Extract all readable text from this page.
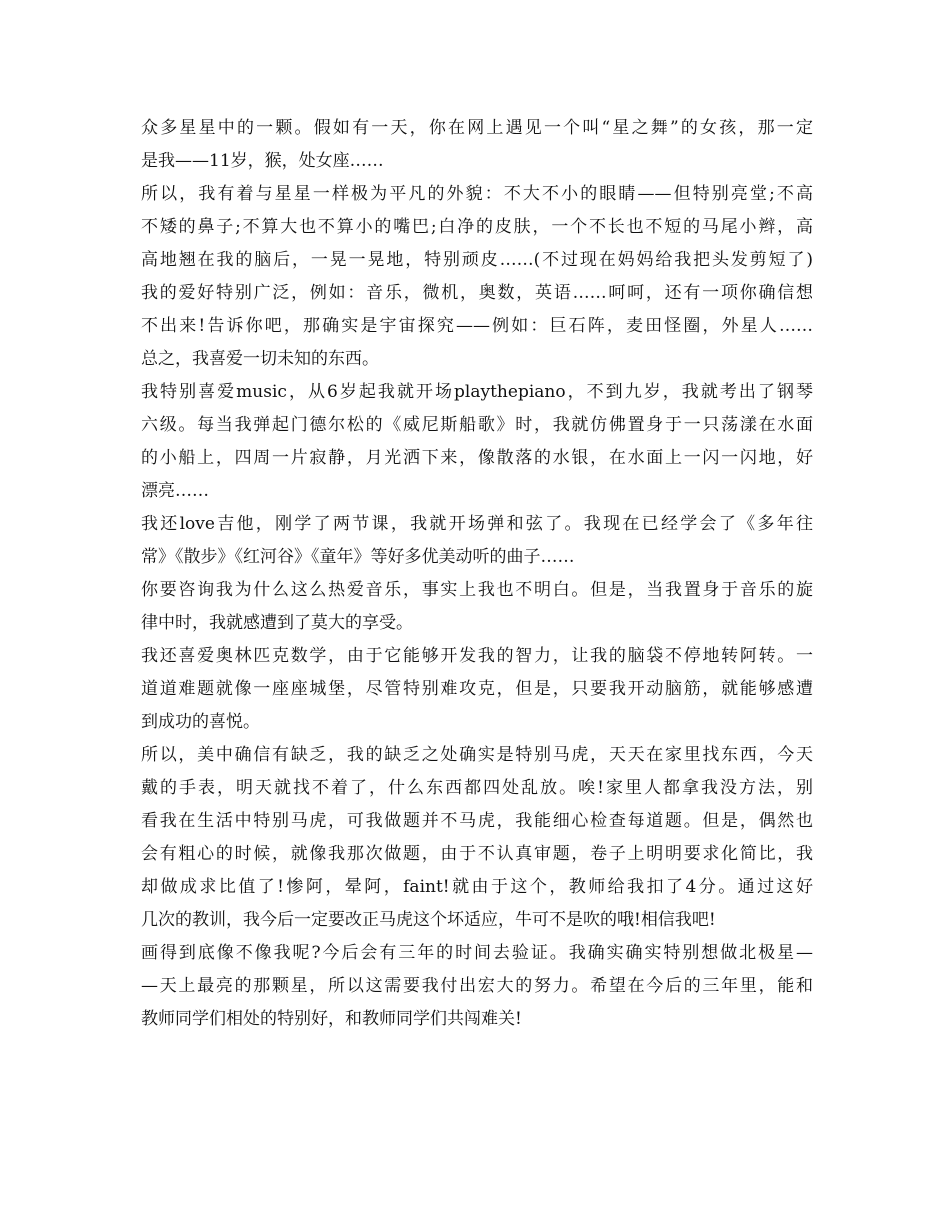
众多星星中的一颗。假如有一天，你在网上遇见一个叫“星之舞”的女孩，那一定
是我——11岁，猴，处女座……
所以，我有着与星星一样极为平凡的外貌：不大不小的眼睛——但特别亮堂;不高
不矮的鼻子;不算大也不算小的嘴巴;白净的皮肤，一个不长也不短的马尾小辫，高
高地翘在我的脑后，一晃一晃地，特别顽皮……(不过现在妈妈给我把头发剪短了)
我的爱好特别广泛，例如：音乐，微机，奥数，英语……呵呵，还有一项你确信想
不出来!告诉你吧，那确实是宇宙探究——例如：巨石阵，麦田怪圈，外星人……
总之，我喜爱一切未知的东西。
我特别喜爱music，从6岁起我就开场playthepiano，不到九岁，我就考出了钢琴
六级。每当我弹起门德尔松的《威尼斯船歌》时，我就仿佛置身于一只荡漾在水面
的小船上，四周一片寂静，月光洒下来，像散落的水银，在水面上一闪一闪地，好
漂亮……
我还love吉他，刚学了两节课，我就开场弹和弦了。我现在已经学会了《多年往
常》《散步》《红河谷》《童年》等好多优美动听的曲子……
你要咨询我为什么这么热爱音乐，事实上我也不明白。但是，当我置身于音乐的旋
律中时，我就感遭到了莫大的享受。
我还喜爱奥林匹克数学，由于它能够开发我的智力，让我的脑袋不停地转阿转。一
道道难题就像一座座城堡，尽管特别难攻克，但是，只要我开动脑筋，就能够感遭
到成功的喜悦。
所以，美中确信有缺乏，我的缺乏之处确实是特别马虎，天天在家里找东西，今天
戴的手表，明天就找不着了，什么东西都四处乱放。唉!家里人都拿我没方法，别
看我在生活中特别马虎，可我做题并不马虎，我能细心检查每道题。但是，偶然也
会有粗心的时候，就像我那次做题，由于不认真审题，卷子上明明要求化简比，我
却做成求比值了!惨阿，晕阿，faint!就由于这个，教师给我扣了4分。通过这好
几次的教训，我今后一定要改正马虎这个坏适应，牛可不是吹的哦!相信我吧!
画得到底像不像我呢?今后会有三年的时间去验证。我确实确实特别想做北极星—
—天上最亮的那颗星，所以这需要我付出宏大的努力。希望在今后的三年里，能和
教师同学们相处的特别好，和教师同学们共闯难关!
